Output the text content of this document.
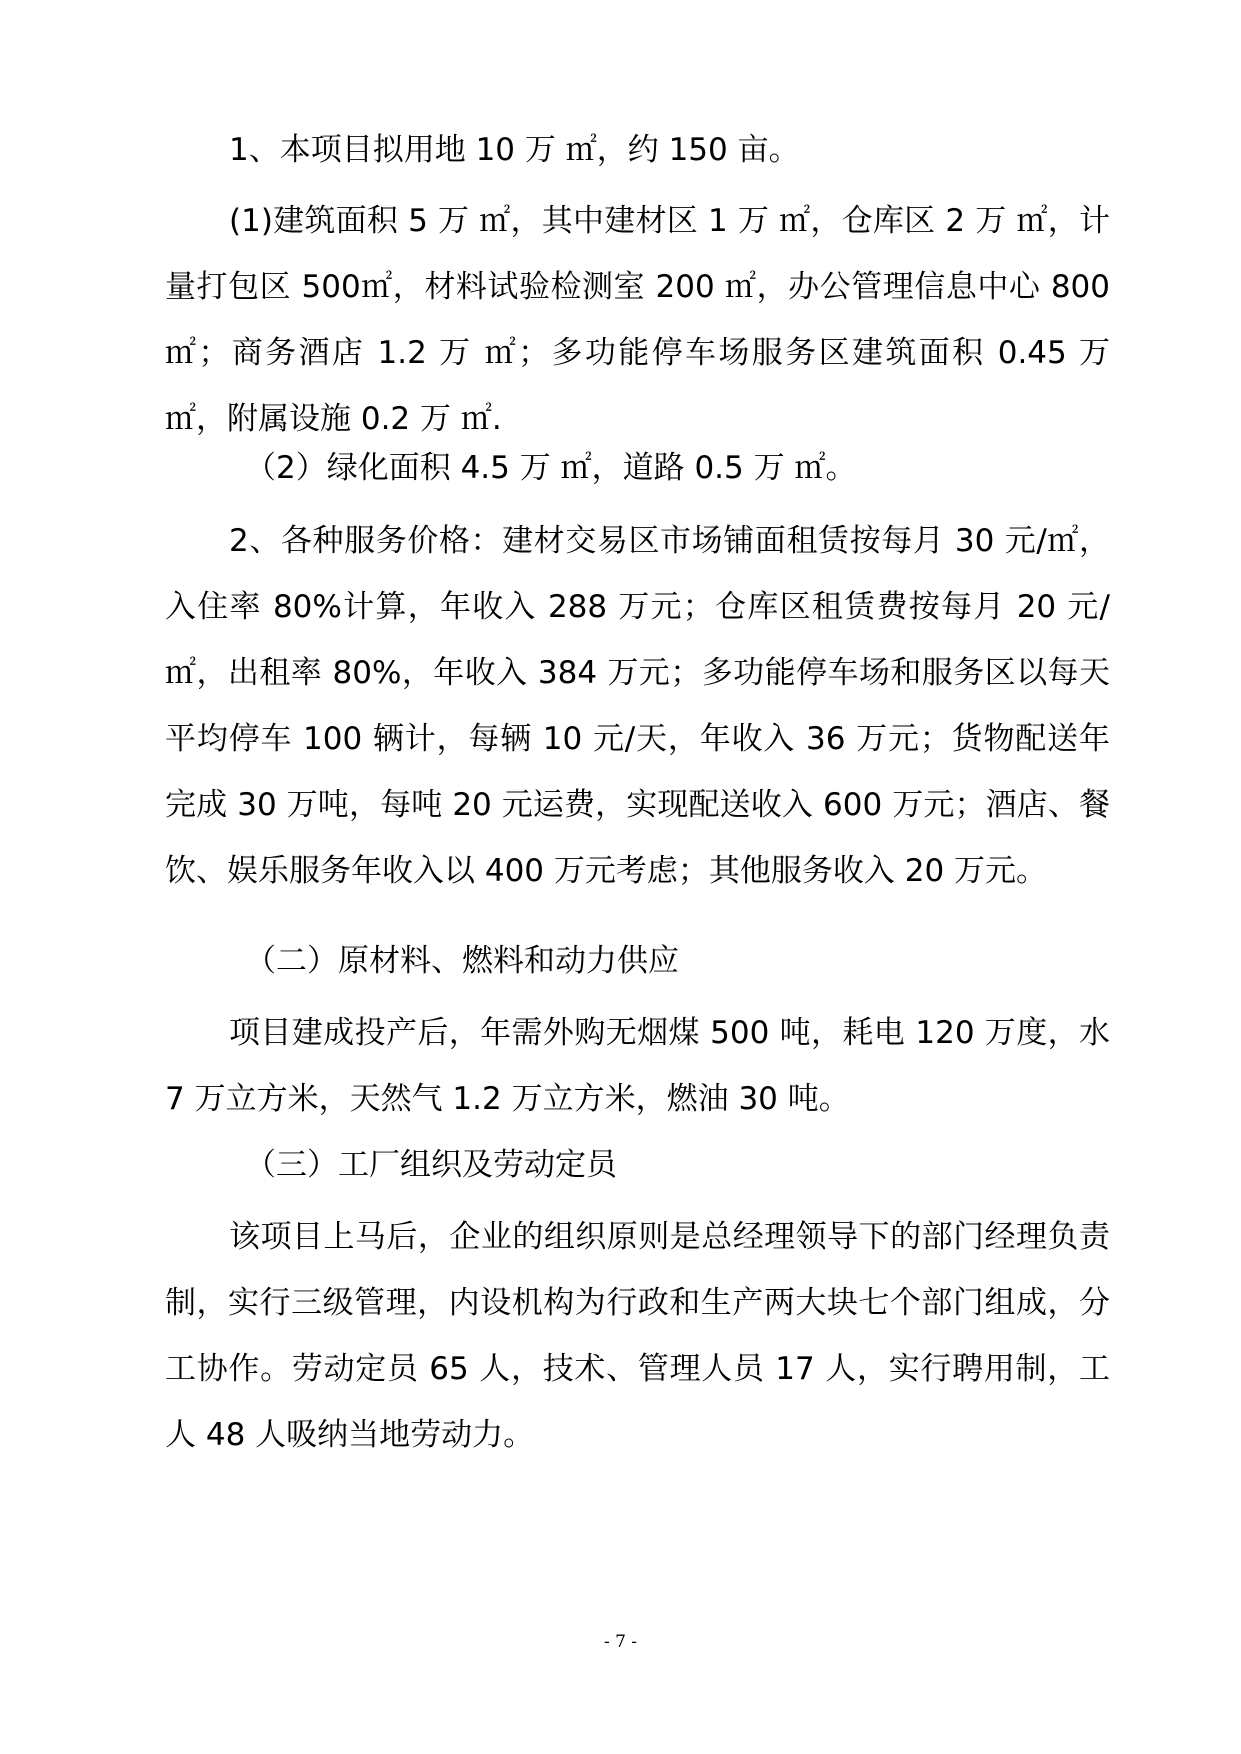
1、本项目拟用地 10 万 ㎡，约 150 亩。

(1)建筑面积 5 万 ㎡，其中建材区 1 万 ㎡，仓库区 2 万 ㎡，计量打包区 500㎡，材料试验检测室 200 ㎡，办公管理信息中心 800 ㎡；商务酒店 1.2 万 ㎡；多功能停车场服务区建筑面积 0.45 万 ㎡，附属设施 0.2 万 ㎡.

（2）绿化面积 4.5 万 ㎡，道路 0.5 万 ㎡。

2、各种服务价格：建材交易区市场铺面租赁按每月 30 元/㎡，入住率 80%计算，年收入 288 万元；仓库区租赁费按每月 20 元/ ㎡，出租率 80%，年收入 384 万元；多功能停车场和服务区以每天平均停车 100 辆计，每辆 10 元/天，年收入 36 万元；货物配送年完成 30 万吨，每吨 20 元运费，实现配送收入 600 万元；酒店、餐饮、娱乐服务年收入以 400 万元考虑；其他服务收入 20 万元。

（二）原材料、燃料和动力供应

项目建成投产后，年需外购无烟煤 500 吨，耗电 120 万度，水 7 万立方米，天然气 1.2 万立方米，燃油 30 吨。

（三）工厂组织及劳动定员

该项目上马后，企业的组织原则是总经理领导下的部门经理负责制，实行三级管理，内设机构为行政和生产两大块七个部门组成，分工协作。劳动定员 65 人，技术、管理人员 17 人，实行聘用制，工人 48 人吸纳当地劳动力。

- 7 -
